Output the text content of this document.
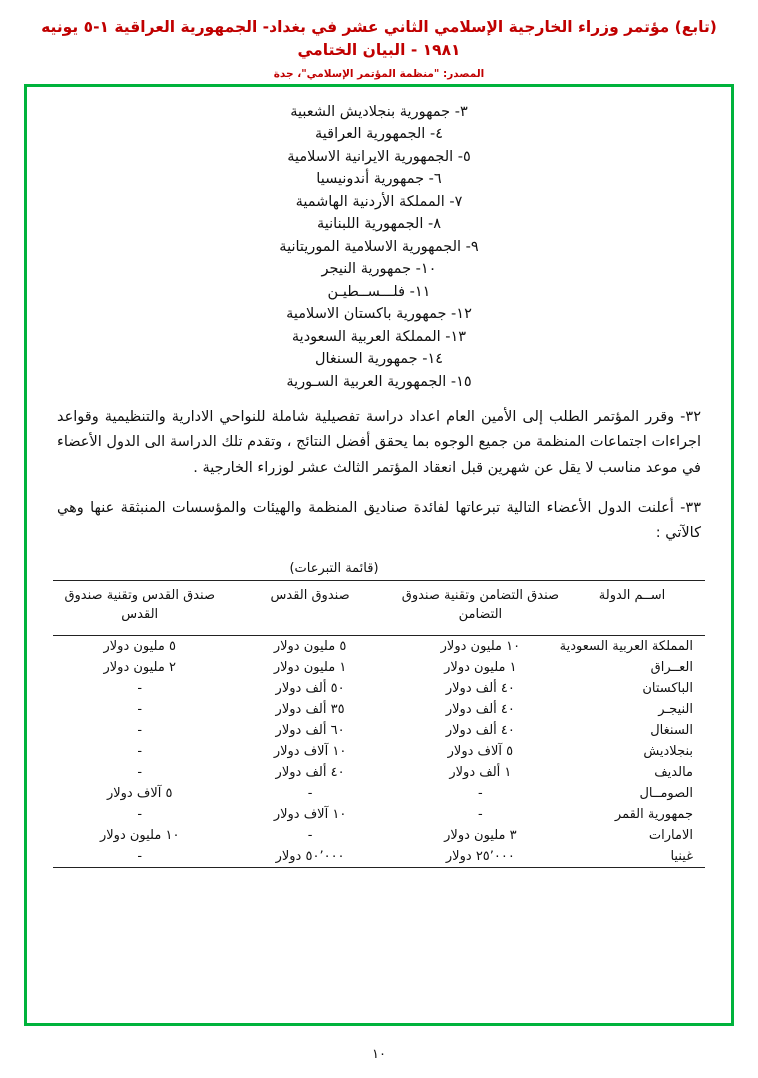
(تابع) مؤتمر وزراء الخارجية الإسلامي الثاني عشر في بغداد- الجمهورية العراقية ١-٥ يونيه ١٩٨١ - البيان الختامي
المصدر: "منظمة المؤتمر الإسلامي"، جدة
٣- جمهورية بنجلاديش الشعبية
٤- الجمهورية العراقية
٥- الجمهورية الايرانية الاسلامية
٦- جمهورية أندونيسيا
٧- المملكة الأردنية الهاشمية
٨- الجمهورية اللبنانية
٩- الجمهورية الاسلامية الموريتانية
١٠- جمهورية النيجر
١١- فلـــســطيـن
١٢- جمهورية باكستان الاسلامية
١٣- المملكة العربية السعودية
١٤- جمهورية السنغال
١٥- الجمهورية العربية السـورية

٣٢- وقرر المؤتمر الطلب إلى الأمين العام اعداد دراسة تفصيلية شاملة للنواحي الادارية والتنظيمية وقواعد اجراءات اجتماعات المنظمة من جميع الوجوه بما يحقق أفضل النتائج ، وتقدم تلك الدراسة الى الدول الأعضاء في موعد مناسب لا يقل عن شهرين قبل انعقاد المؤتمر الثالث عشر لوزراء الخارجية .

٣٣- أعلنت الدول الأعضاء التالية تبرعاتها لفائدة صناديق المنظمة والهيئات والمؤسسات المنبثقة عنها وهي كالآتي :

(قائمة التبرعات)
اســم الدولة	صندق التضامن وتقنية صندوق التضامن	صندوق القدس	صندق القدس وتقنية صندوق القدس
المملكة العربية السعودية	١٠ مليون دولار	٥ مليون دولار	٥ مليون دولار
العــراق	١ مليون دولار	١ مليون دولار	٢ مليون دولار
الباكستان	٤٠ ألف دولار	٥٠ ألف دولار	-
النيجـر	٤٠ ألف دولار	٣٥ ألف دولار	-
السنغال	٤٠ ألف دولار	٦٠ ألف دولار	-
بنجلاديش	٥ آلاف دولار	١٠ آلاف دولار	-
مالديف	١ ألف دولار	٤٠ ألف دولار	-
الصومــال	-	-	٥ آلاف دولار
جمهورية القمر	-	١٠ آلاف دولار	-
الامارات	٣ مليون دولار	-	١٠ مليون دولار
غينيا	٢٥٬٠٠٠ دولار	٥٠٬٠٠٠ دولار	-
١٠
